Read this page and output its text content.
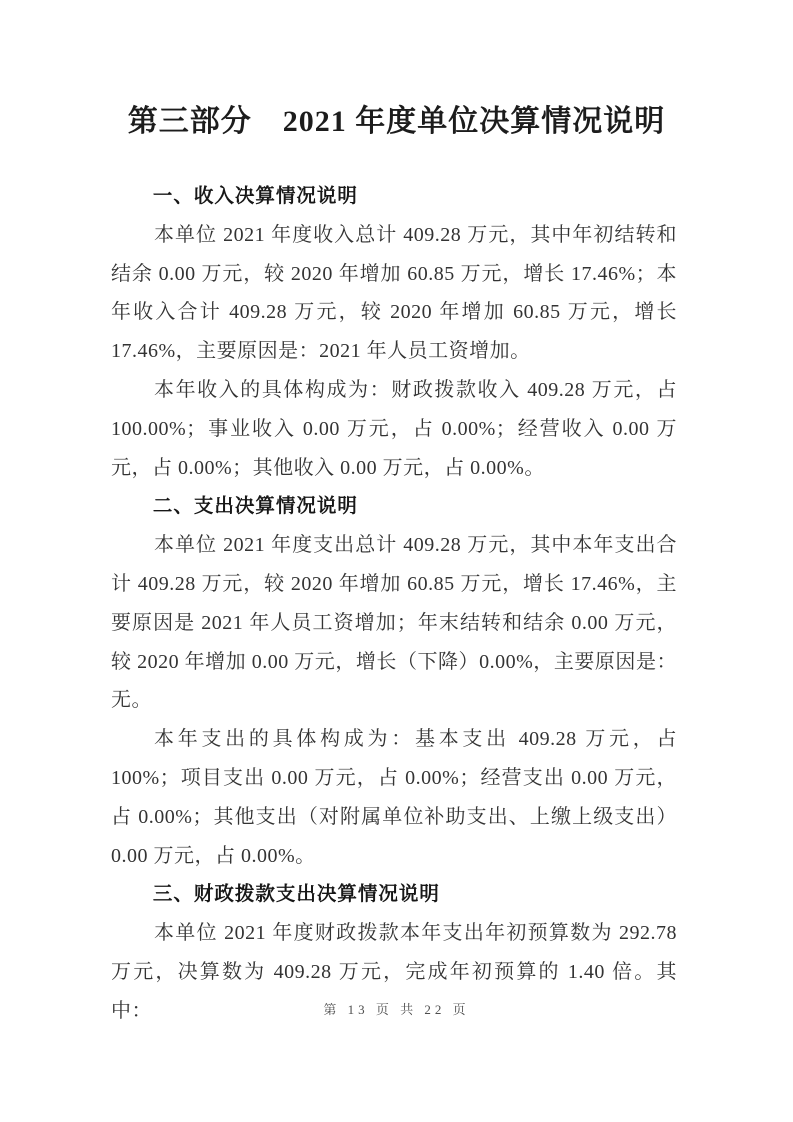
第三部分　2021 年度单位决算情况说明
一、收入决算情况说明

本单位 2021 年度收入总计 409.28 万元，其中年初结转和结余 0.00 万元，较 2020 年增加 60.85 万元，增长 17.46%；本年收入合计 409.28 万元，较 2020 年增加 60.85 万元，增长 17.46%，主要原因是：2021 年人员工资增加。

本年收入的具体构成为：财政拨款收入 409.28 万元，占 100.00%；事业收入 0.00 万元，占 0.00%；经营收入 0.00 万元，占 0.00%；其他收入 0.00 万元，占 0.00%。

二、支出决算情况说明

本单位 2021 年度支出总计 409.28 万元，其中本年支出合计 409.28 万元，较 2020 年增加 60.85 万元，增长 17.46%，主要原因是 2021 年人员工资增加；年末结转和结余 0.00 万元，较 2020 年增加 0.00 万元，增长（下降）0.00%，主要原因是：无。

本年支出的具体构成为：基本支出 409.28 万元，占 100%；项目支出 0.00 万元，占 0.00%；经营支出 0.00 万元，占 0.00%；其他支出（对附属单位补助支出、上缴上级支出）0.00 万元，占 0.00%。

三、财政拨款支出决算情况说明

本单位 2021 年度财政拨款本年支出年初预算数为 292.78 万元，决算数为 409.28 万元，完成年初预算的 1.40 倍。其中：	第 13 页 共 22 页
